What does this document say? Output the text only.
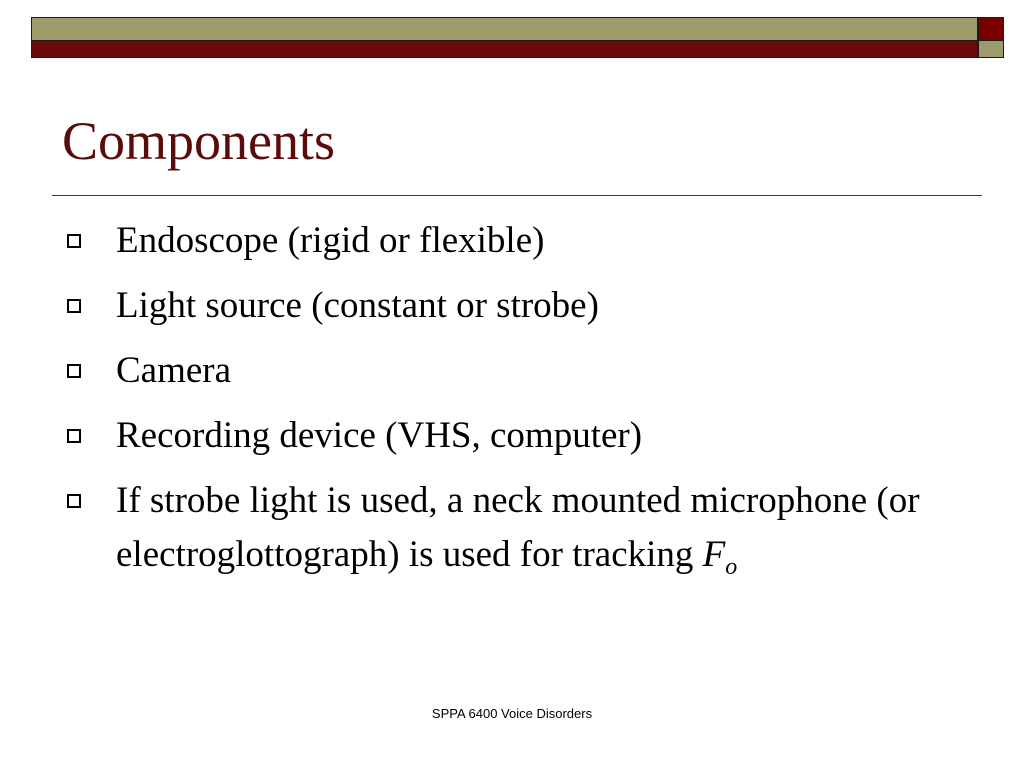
Components
Endoscope (rigid or flexible)
Light source (constant or strobe)
Camera
Recording device (VHS, computer)
If strobe light is used, a neck mounted microphone (or electroglottograph) is used for tracking $F_o$
SPPA 6400 Voice Disorders
